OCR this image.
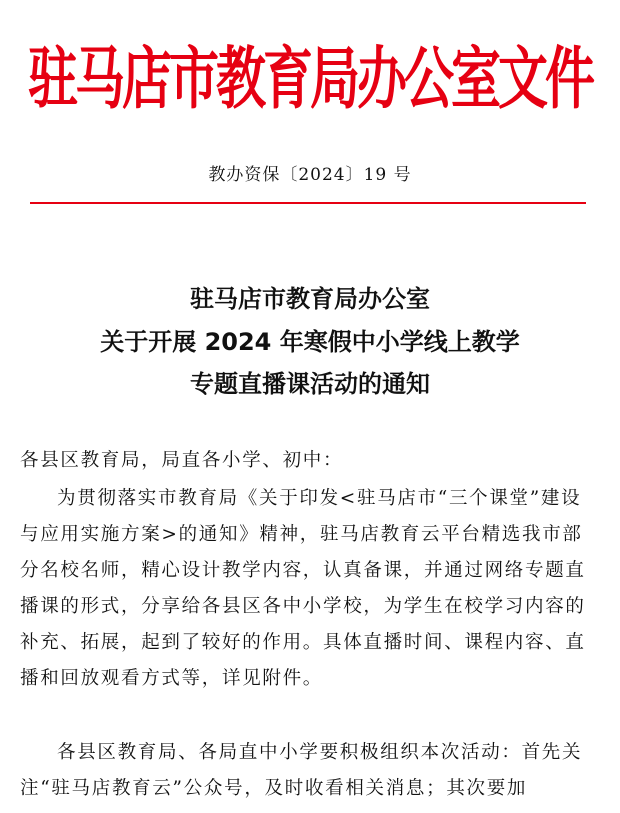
驻马店市教育局办公室文件
教办资保〔2024〕19 号
驻马店市教育局办公室
关于开展 2024 年寒假中小学线上教学
专题直播课活动的通知
各县区教育局，局直各小学、初中：
为贯彻落实市教育局《关于印发<驻马店市“三个课堂”建设与应用实施方案>的通知》精神，驻马店教育云平台精选我市部分名校名师，精心设计教学内容，认真备课，并通过网络专题直播课的形式，分享给各县区各中小学校，为学生在校学习内容的补充、拓展，起到了较好的作用。具体直播时间、课程内容、直播和回放观看方式等，详见附件。
各县区教育局、各局直中小学要积极组织本次活动：首先关注“驻马店教育云”公众号，及时收看相关消息；其次要加
